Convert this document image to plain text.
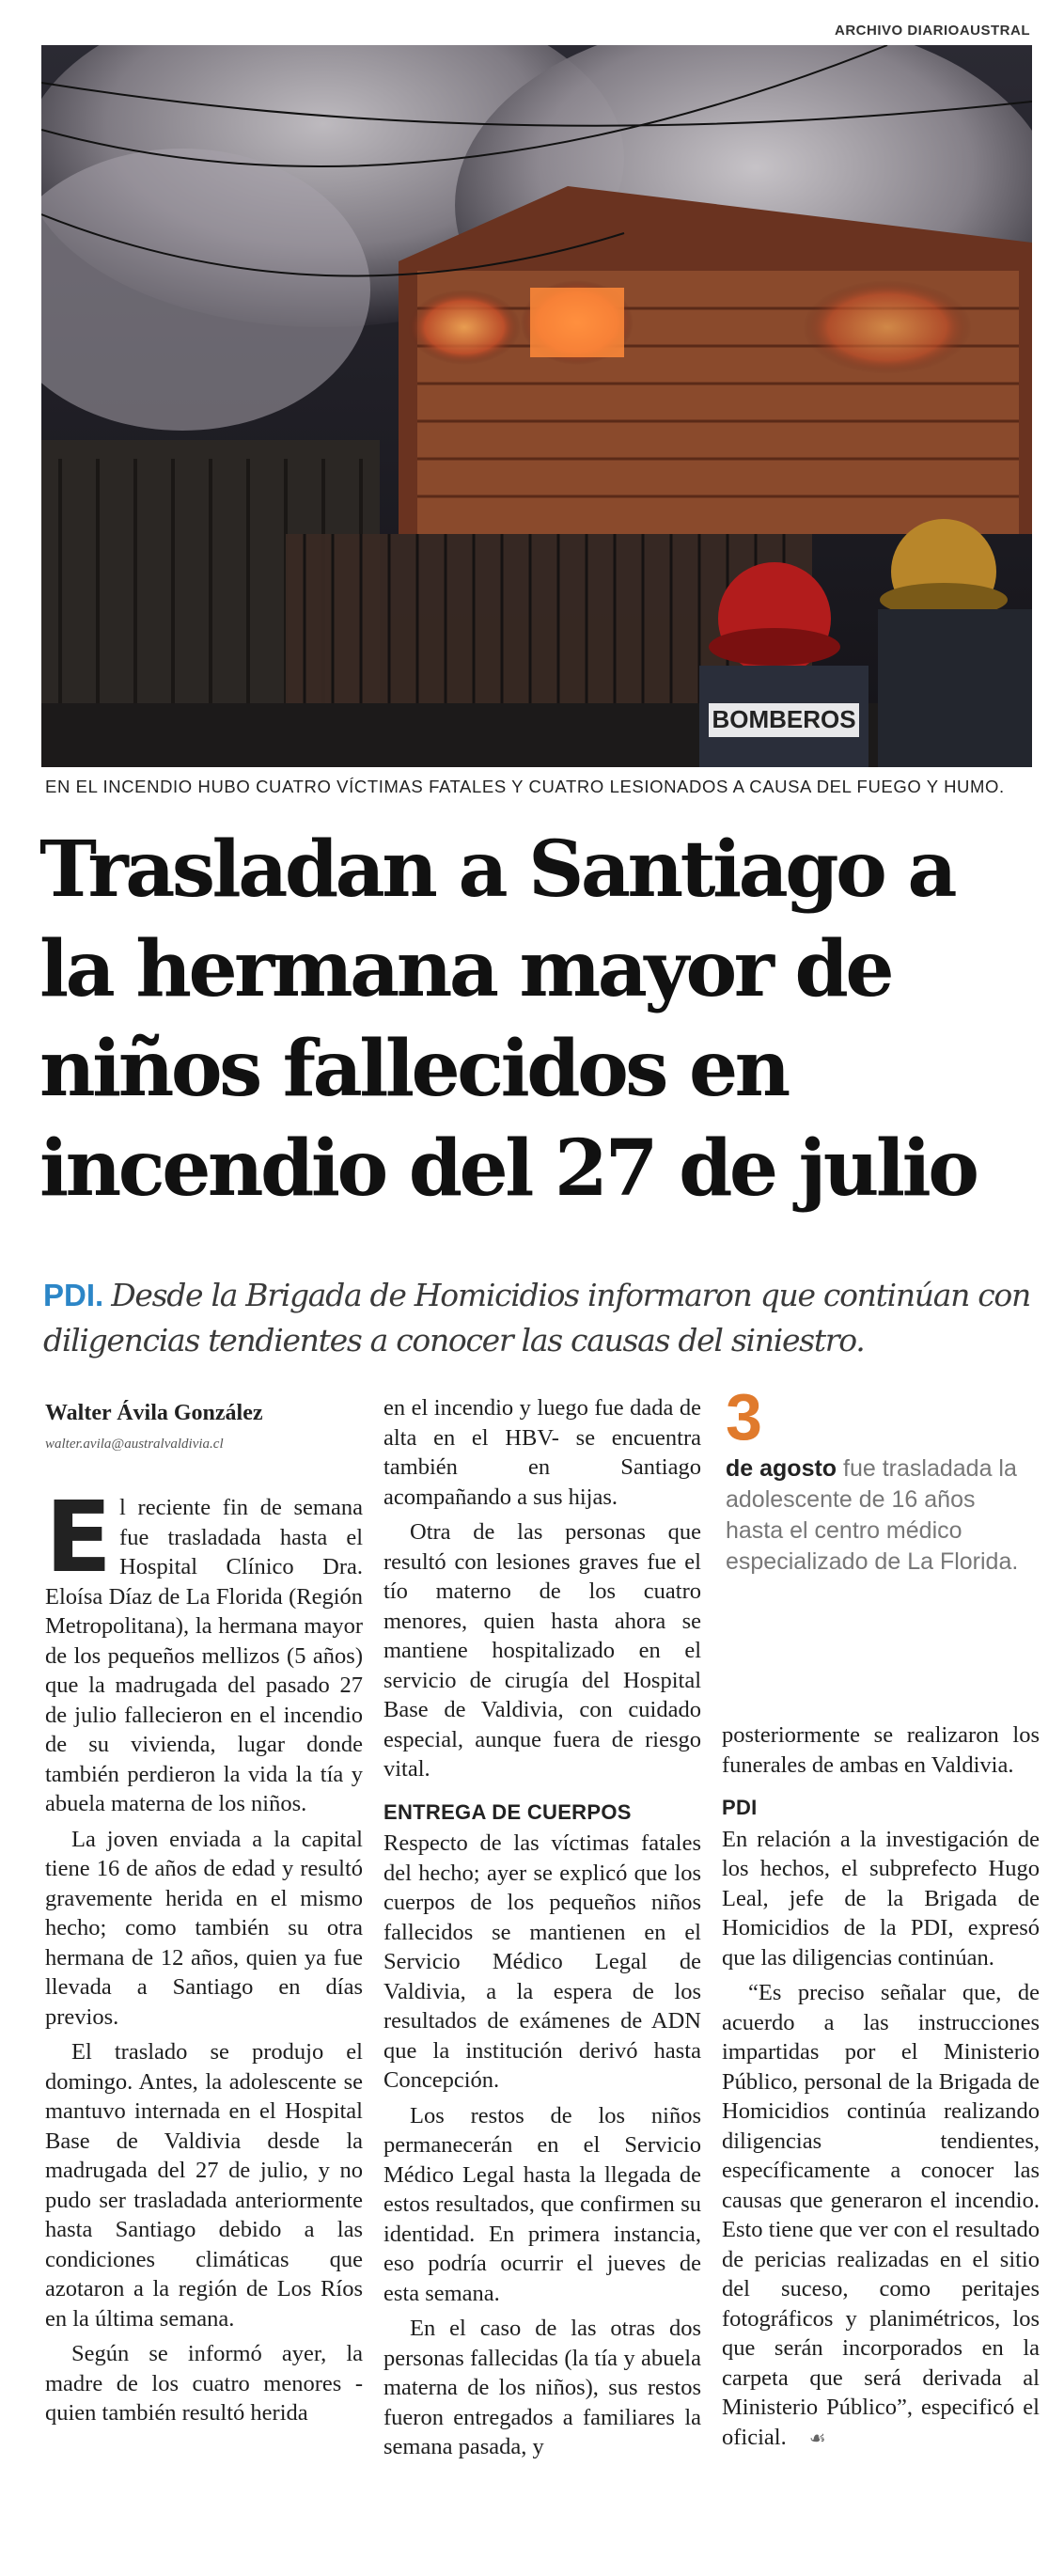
ARCHIVO DIARIOAUSTRAL
BOMBEROS
EN EL INCENDIO HUBO CUATRO VÍCTIMAS FATALES Y CUATRO LESIONADOS A CAUSA DEL FUEGO Y HUMO.
Trasladan a Santiago a
la hermana mayor de
niños fallecidos en
incendio del 27 de julio
PDI. Desde la Brigada de Homicidios informaron que continúan con diligencias tendientes a conocer las causas del siniestro.
Walter Ávila González
walter.avila@australvaldivia.cl

El reciente fin de semana fue trasladada hasta el Hospital Clínico Dra. Eloísa Díaz de La Florida (Región Metropolitana), la hermana mayor de los pequeños mellizos (5 años) que la madrugada del pasado 27 de julio fallecieron en el incendio de su vivienda, lugar donde también perdieron la vida la tía y abuela materna de los niños.

La joven enviada a la capital tiene 16 de años de edad y resultó gravemente herida en el mismo hecho; como también su otra hermana de 12 años, quien ya fue llevada a Santiago en días previos.

El traslado se produjo el domingo. Antes, la adolescente se mantuvo internada en el Hospital Base de Valdivia desde la madrugada del 27 de julio, y no pudo ser trasladada anteriormente hasta Santiago debido a las condiciones climáticas que azotaron a la región de Los Ríos en la última semana.

Según se informó ayer, la madre de los cuatro menores -quien también resultó herida

en el incendio y luego fue dada de alta en el HBV- se encuentra también en Santiago acompañando a sus hijas.

Otra de las personas que resultó con lesiones graves fue el tío materno de los cuatro menores, quien hasta ahora se mantiene hospitalizado en el servicio de cirugía del Hospital Base de Valdivia, con cuidado especial, aunque fuera de riesgo vital.

ENTREGA DE CUERPOS

Respecto de las víctimas fatales del hecho; ayer se explicó que los cuerpos de los pequeños niños fallecidos se mantienen en el Servicio Médico Legal de Valdivia, a la espera de los resultados de exámenes de ADN que la institución derivó hasta Concepción.

Los restos de los niños permanecerán en el Servicio Médico Legal hasta la llegada de estos resultados, que confirmen su identidad. En primera instancia, eso podría ocurrir el jueves de esta semana.

En el caso de las otras dos personas fallecidas (la tía y abuela materna de los niños), sus restos fueron entregados a familiares la semana pasada, y

3
de agosto fue trasladada la adolescente de 16 años hasta el centro médico especializado de La Florida.

posteriormente se realizaron los funerales de ambas en Valdivia.

PDI

En relación a la investigación de los hechos, el subprefecto Hugo Leal, jefe de la Brigada de Homicidios de la PDI, expresó que las diligencias continúan.

“Es preciso señalar que, de acuerdo a las instrucciones impartidas por el Ministerio Público, personal de la Brigada de Homicidios continúa realizando diligencias tendientes, específicamente a conocer las causas que generaron el incendio. Esto tiene que ver con el resultado de pericias realizadas en el sitio del suceso, como peritajes fotográficos y planimétricos, los que serán incorporados en la carpeta que será derivada al Ministerio Público”, especificó el oficial. ☙
